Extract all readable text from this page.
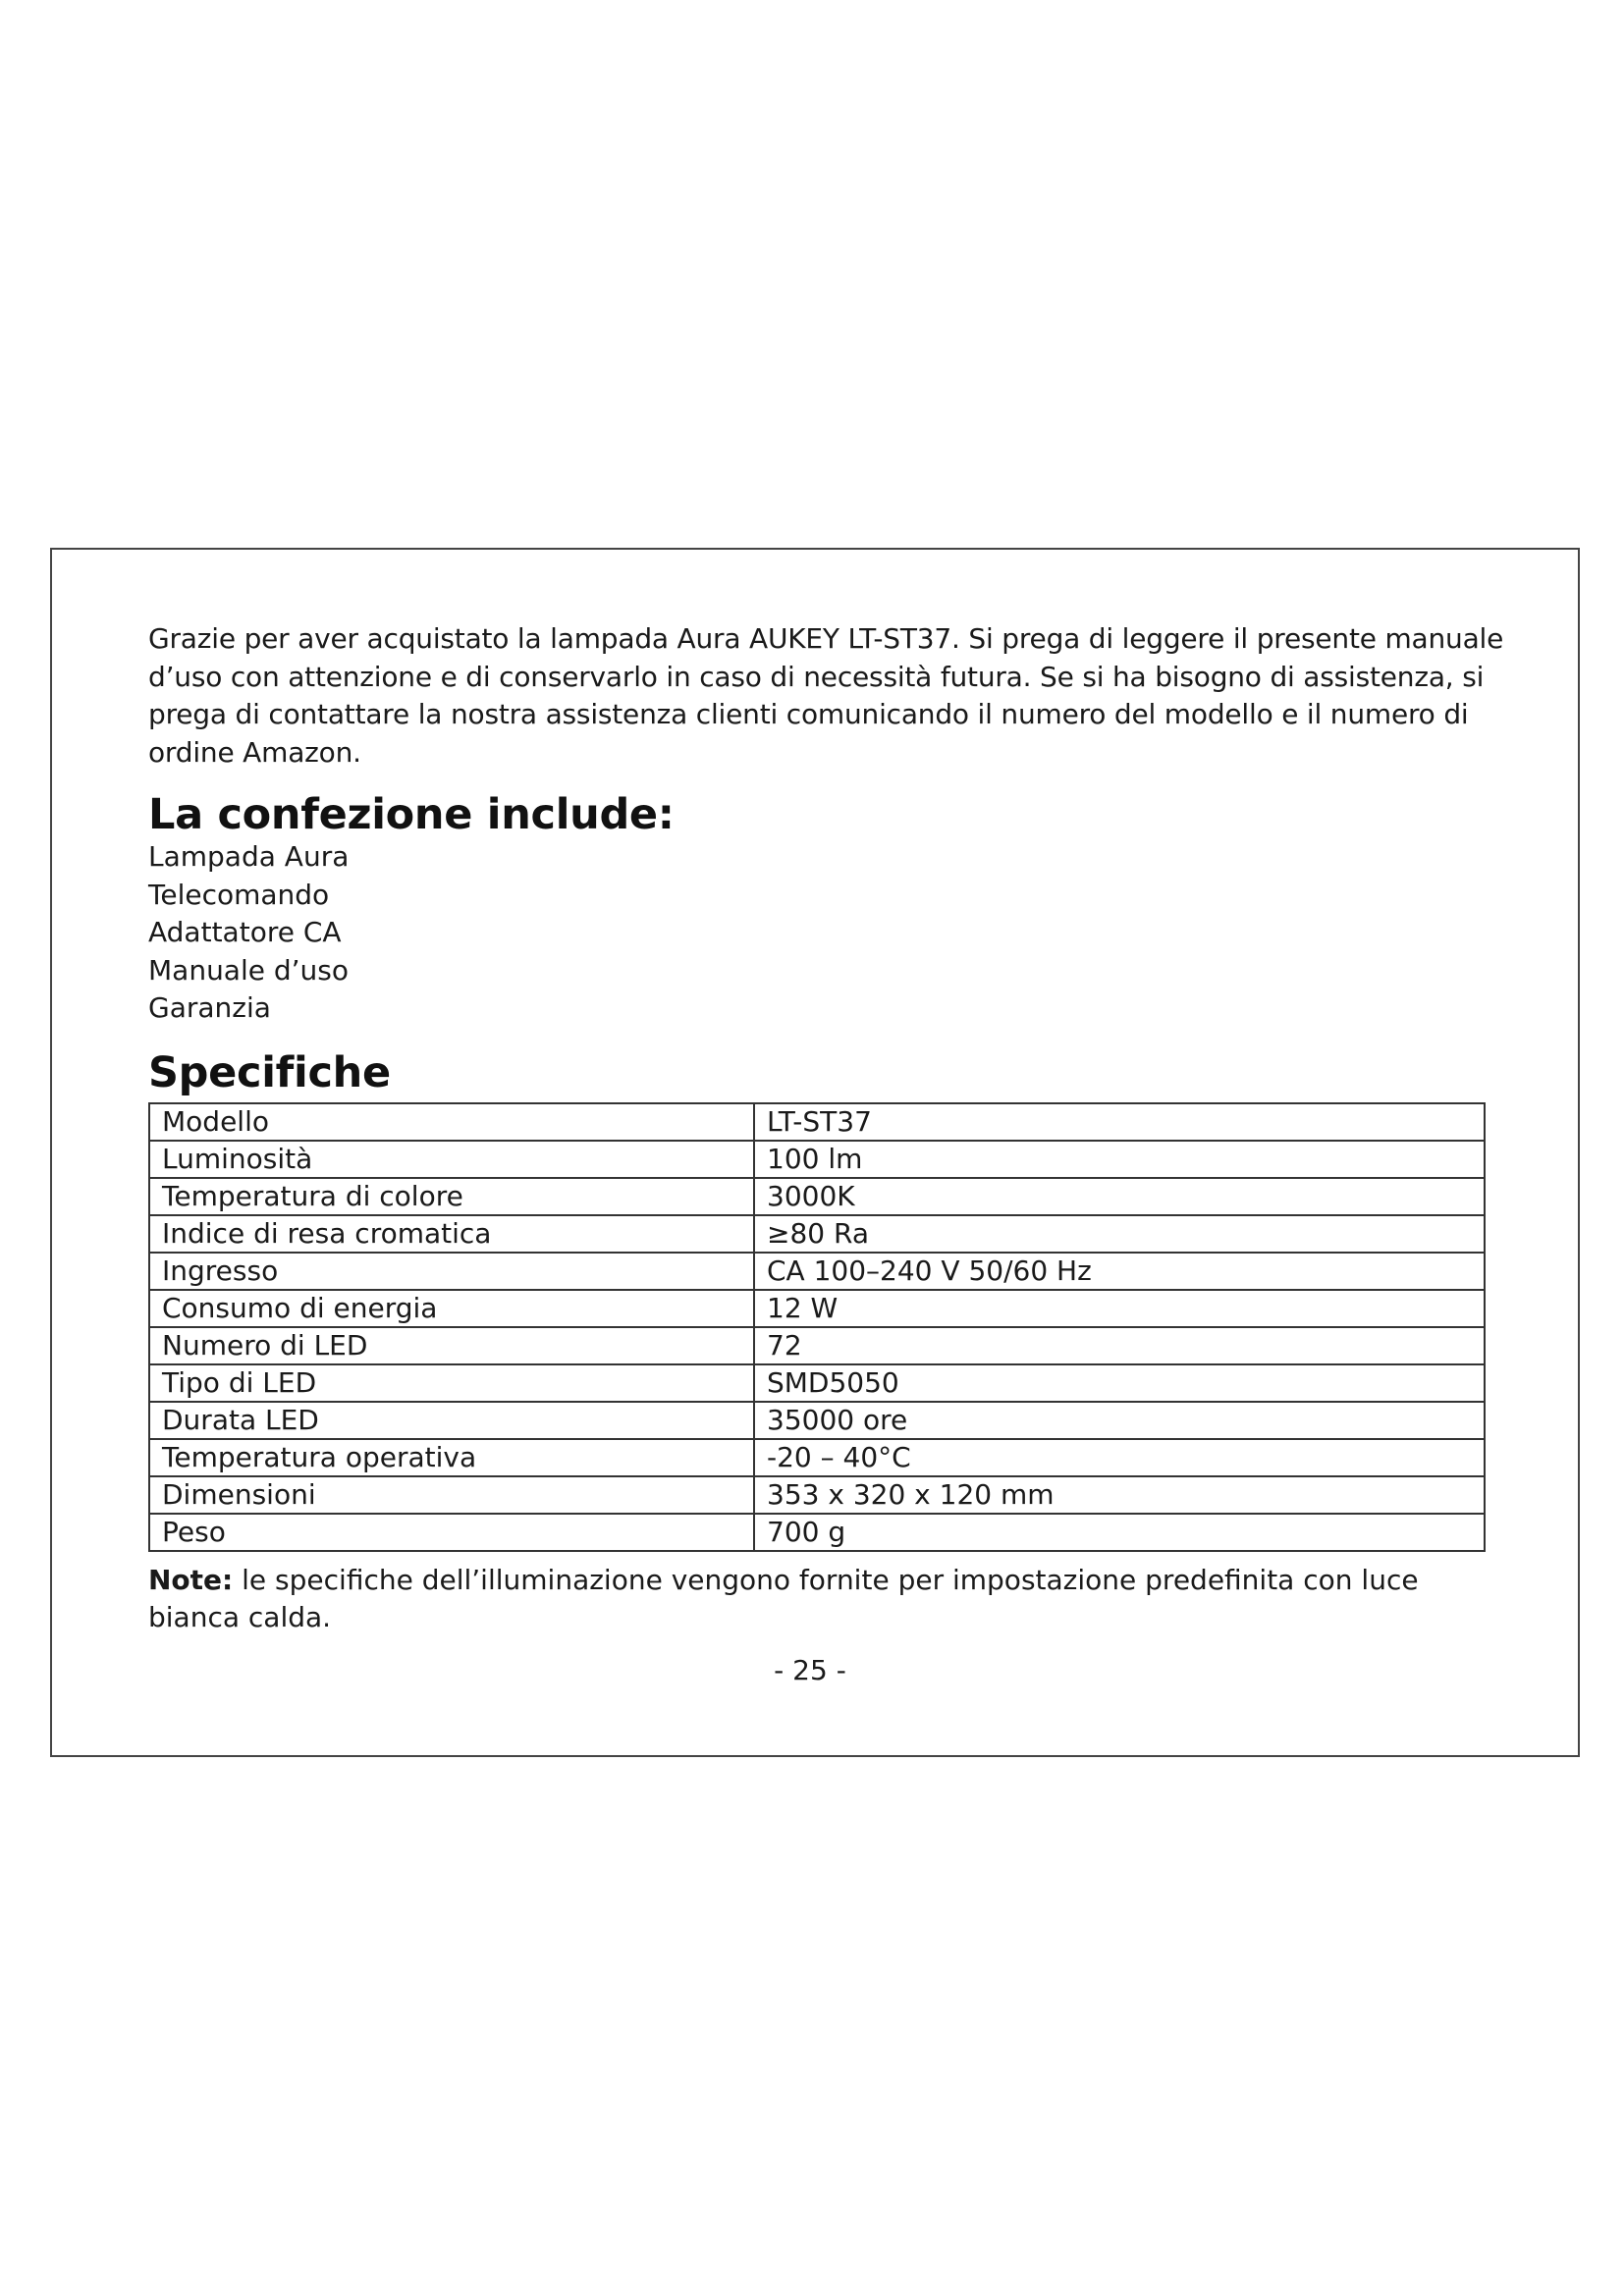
Grazie per aver acquistato la lampada Aura AUKEY LT-ST37. Si prega di leggere il presente manuale d’uso con attenzione e di conservarlo in caso di necessità futura. Se si ha bisogno di assistenza, si prega di contattare la nostra assistenza clienti comunicando il numero del modello e il numero di ordine Amazon.

La confezione include:
Lampada Aura
Telecomando
Adattatore CA
Manuale d’uso
Garanzia
Specifiche
Modello	LT-ST37
Luminosità	100 lm
Temperatura di colore	3000K
Indice di resa cromatica	≥80 Ra
Ingresso	CA 100–240 V 50/60 Hz
Consumo di energia	12 W
Numero di LED	72
Tipo di LED	SMD5050
Durata LED	35000 ore
Temperatura operativa	-20 – 40°C
Dimensioni	353 x 320 x 120 mm
Peso	700 g

Note: le specifiche dell’illuminazione vengono fornite per impostazione predefinita con luce bianca calda.

- 25 -
